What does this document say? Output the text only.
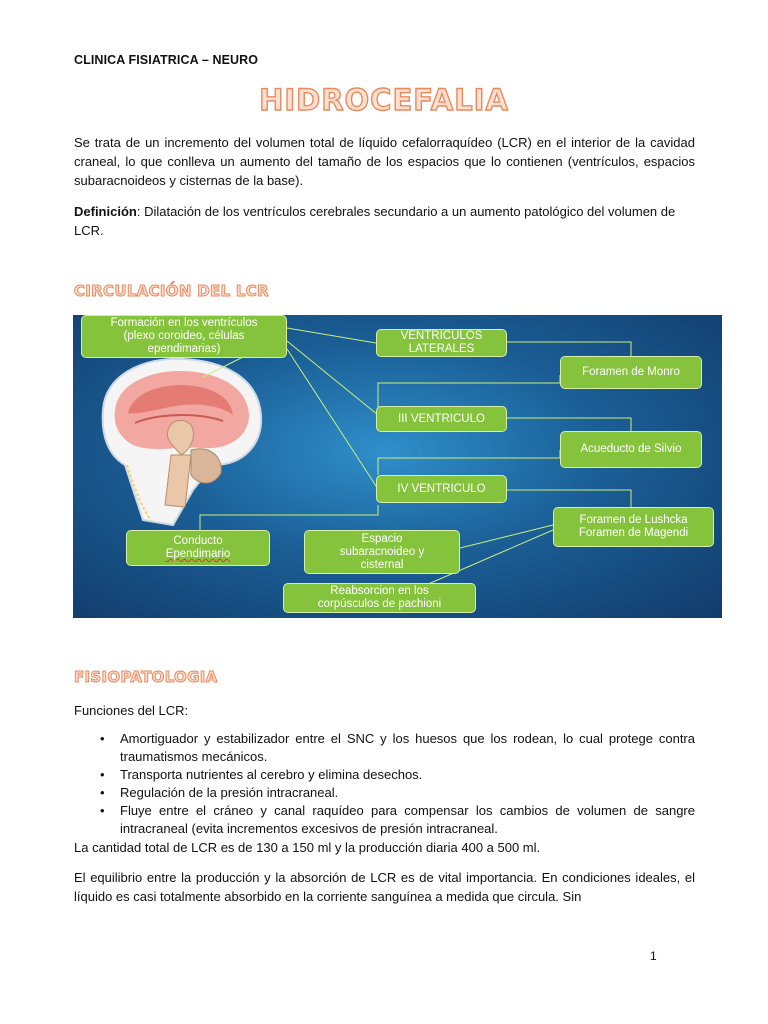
CLINICA FISIATRICA – NEURO
HIDROCEFALIA
Se trata de un incremento del volumen total de líquido cefalorraquídeo (LCR) en el interior de la cavidad craneal, lo que conlleva un aumento del tamaño de los espacios que lo contienen (ventrículos, espacios subaracnoideos y cisternas de la base).
Definición: Dilatación de los ventrículos cerebrales secundario a un aumento patológico del volumen de LCR.
CIRCULACIÓN DEL LCR
Formación en los ventrículos
(plexo coroideo, células
ependimarias)
VENTRICULOS
LATERALES
Foramen de Monro
III VENTRICULO
Acueducto de Silvio
IV VENTRICULO
Foramen de Lushcka
Foramen de Magendi
Conducto
Ependimario
Espacio
subaracnoideo y
cisternal
Reabsorcion en los
corpúsculos de pachioni
FISIOPATOLOGIA
Funciones del LCR:
• Amortiguador y estabilizador entre el SNC y los huesos que los rodean, lo cual protege contra traumatismos mecánicos.
• Transporta nutrientes al cerebro y elimina desechos.
• Regulación de la presión intracraneal.
• Fluye entre el cráneo y canal raquídeo para compensar los cambios de volumen de sangre intracraneal (evita incrementos excesivos de presión intracraneal.
La cantidad total de LCR es de 130 a 150 ml y la producción diaria 400 a 500 ml.
El equilibrio entre la producción y la absorción de LCR es de vital importancia. En condiciones ideales, el líquido es casi totalmente absorbido en la corriente sanguínea a medida que circula. Sin
1
